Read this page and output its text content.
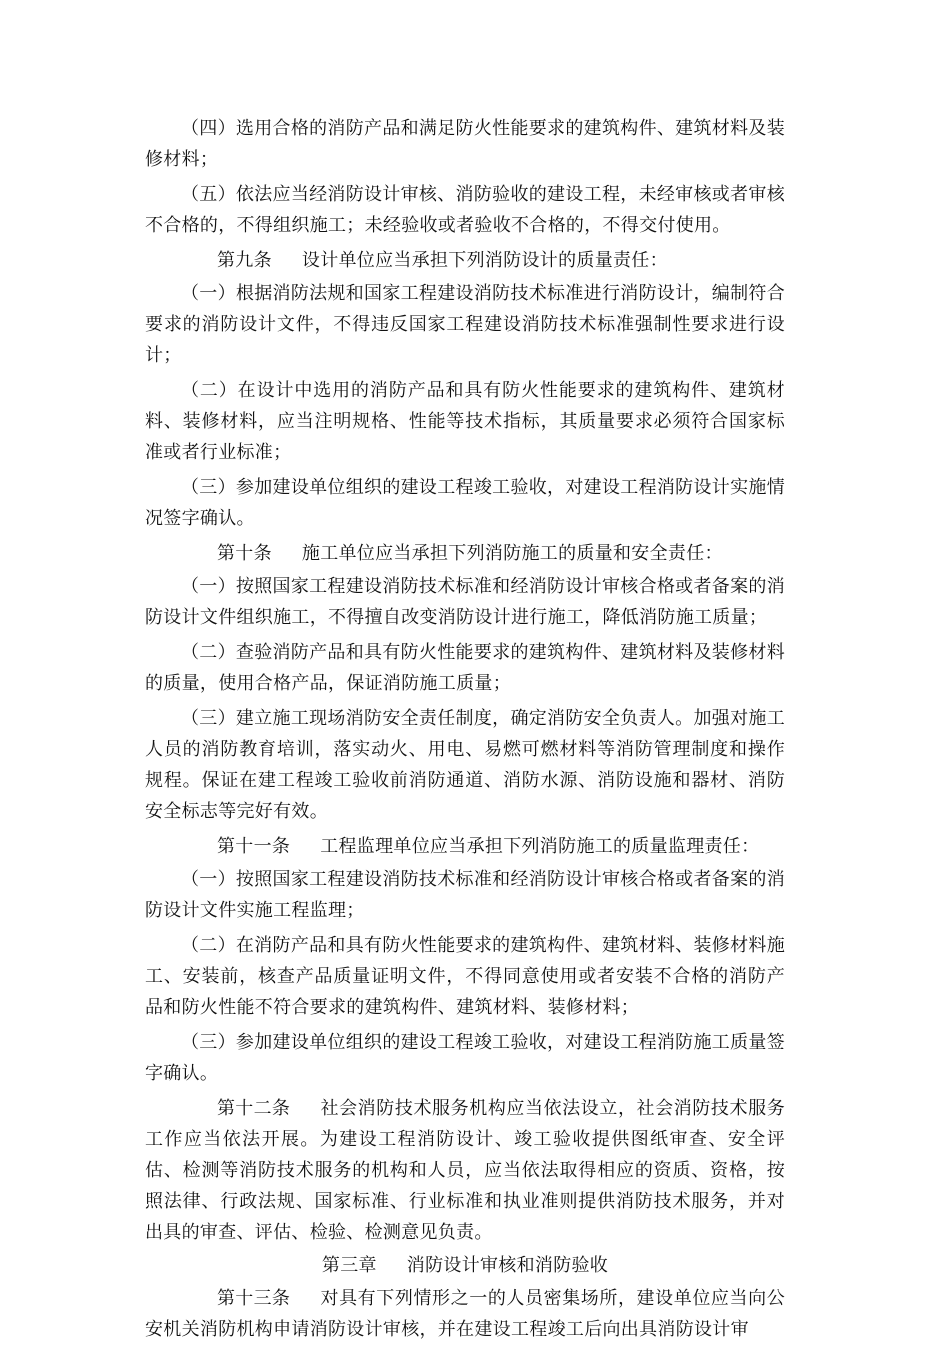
（四）选用合格的消防产品和满足防火性能要求的建筑构件、建筑材料及装修材料；

（五）依法应当经消防设计审核、消防验收的建设工程，未经审核或者审核不合格的，不得组织施工；未经验收或者验收不合格的，不得交付使用。

第九条 设计单位应当承担下列消防设计的质量责任：

（一）根据消防法规和国家工程建设消防技术标准进行消防设计，编制符合要求的消防设计文件，不得违反国家工程建设消防技术标准强制性要求进行设计；

（二）在设计中选用的消防产品和具有防火性能要求的建筑构件、建筑材料、装修材料，应当注明规格、性能等技术指标，其质量要求必须符合国家标准或者行业标准；

（三）参加建设单位组织的建设工程竣工验收，对建设工程消防设计实施情况签字确认。

第十条 施工单位应当承担下列消防施工的质量和安全责任：

（一）按照国家工程建设消防技术标准和经消防设计审核合格或者备案的消防设计文件组织施工，不得擅自改变消防设计进行施工，降低消防施工质量；

（二）查验消防产品和具有防火性能要求的建筑构件、建筑材料及装修材料的质量，使用合格产品，保证消防施工质量；

（三）建立施工现场消防安全责任制度，确定消防安全负责人。加强对施工人员的消防教育培训，落实动火、用电、易燃可燃材料等消防管理制度和操作规程。保证在建工程竣工验收前消防通道、消防水源、消防设施和器材、消防安全标志等完好有效。

第十一条 工程监理单位应当承担下列消防施工的质量监理责任：

（一）按照国家工程建设消防技术标准和经消防设计审核合格或者备案的消防设计文件实施工程监理；

（二）在消防产品和具有防火性能要求的建筑构件、建筑材料、装修材料施工、安装前，核查产品质量证明文件，不得同意使用或者安装不合格的消防产品和防火性能不符合要求的建筑构件、建筑材料、装修材料；

（三）参加建设单位组织的建设工程竣工验收，对建设工程消防施工质量签字确认。

第十二条 社会消防技术服务机构应当依法设立，社会消防技术服务工作应当依法开展。为建设工程消防设计、竣工验收提供图纸审查、安全评估、检测等消防技术服务的机构和人员，应当依法取得相应的资质、资格，按照法律、行政法规、国家标准、行业标准和执业准则提供消防技术服务，并对出具的审查、评估、检验、检测意见负责。

第三章 消防设计审核和消防验收

第十三条 对具有下列情形之一的人员密集场所，建设单位应当向公安机关消防机构申请消防设计审核，并在建设工程竣工后向出具消防设计审
